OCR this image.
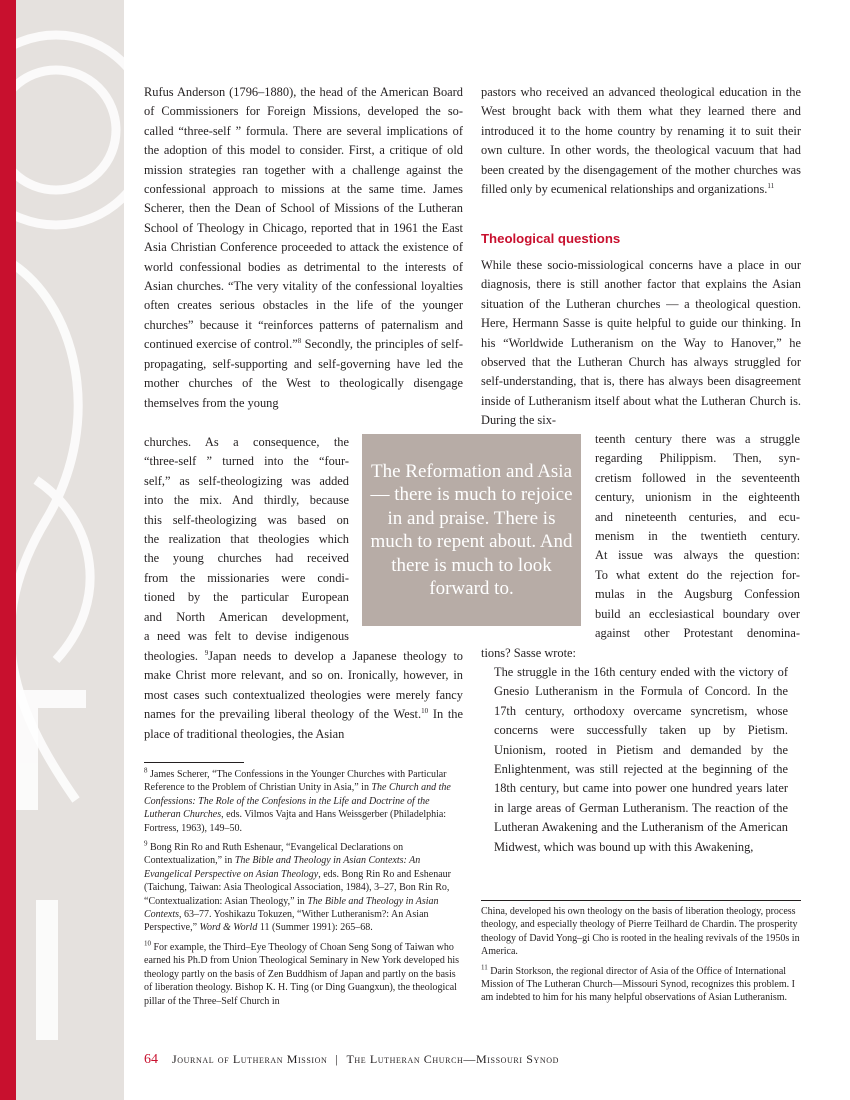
Rufus Anderson (1796–1880), the head of the American Board of Commissioners for Foreign Missions, developed the so-called “three-self ” formula. There are several implications of the adoption of this model to consider. First, a critique of old mission strategies ran together with a challenge against the confessional approach to missions at the same time. James Scherer, then the Dean of School of Missions of the Lutheran School of Theology in Chicago, reported that in 1961 the East Asia Christian Conference proceeded to attack the existence of world confessional bodies as detrimental to the interests of Asian churches. “The very vitality of the confessional loyalties often creates serious obstacles in the life of the younger churches” because it “reinforces patterns of paternalism and continued exercise of control.”$^8$ Secondly, the principles of self-propagating, self-supporting and self-governing have led the mother churches of the West to theologically disengage themselves from the young

churches. As a consequence, the
“three-self ” turned into the “four-
self,” as self-theologizing was added
into the mix. And thirdly, because
this self-theologizing was based on
the realization that theologies which
the young churches had received
from the missionaries were condi-
tioned by the particular European
and North American development,
a need was felt to devise indigenous

theologies. $^9$Japan needs to develop a Japanese theology to make Christ more relevant, and so on. Ironically, however, in most cases such contextualized theologies were merely fancy names for the prevailing liberal theology of the West.$^{10}$ In the place of traditional theologies, the Asian

The Reformation and Asia — there is much to rejoice in and praise. There is much to repent about. And there is much to look forward to.

pastors who received an advanced theological education in the West brought back with them what they learned there and introduced it to the home country by renaming it to suit their own culture. In other words, the theological vacuum that had been created by the disengagement of the mother churches was filled only by ecumenical relationships and organizations.$^{11}$

Theological questions

While these socio-missiological concerns have a place in our diagnosis, there is still another factor that explains the Asian situation of the Lutheran churches — a theological question. Here, Hermann Sasse is quite helpful to guide our thinking. In his “Worldwide Lutheranism on the Way to Hanover,” he observed that the Lutheran Church has always struggled for self-understanding, that is, there has always been disagreement inside of Lutheranism itself about what the Lutheran Church is. During the six-

teenth century there was a struggle
regarding Philippism. Then, syn-
cretism followed in the seventeenth
century, unionism in the eighteenth
and nineteenth centuries, and ecu-
menism in the twentieth century.
At issue was always the question:
To what extent do the rejection for-
mulas in the Augsburg Confession
build an ecclesiastical boundary over
against other Protestant denomina-
tions? Sasse wrote:

The struggle in the 16th century ended with the victory of Gnesio Lutheranism in the Formula of Concord. In the 17th century, orthodoxy overcame syncretism, whose concerns were successfully taken up by Pietism. Unionism, rooted in Pietism and demanded by the Enlightenment, was still rejected at the beginning of the 18th century, but came into power one hundred years later in large areas of German Lutheranism. The reaction of the Lutheran Awakening and the Lutheranism of the American Midwest, which was bound up with this Awakening,

$^8$ James Scherer, “The Confessions in the Younger Churches with Particular Reference to the Problem of Christian Unity in Asia,” in The Church and the Confessions: The Role of the Confesions in the Life and Doctrine of the Lutheran Churches, eds. Vilmos Vajta and Hans Weissgerber (Philadelphia: Fortress, 1963), 149–50.

$^9$ Bong Rin Ro and Ruth Eshenaur, “Evangelical Declarations on Contextualization,” in The Bible and Theology in Asian Contexts: An Evangelical Perspective on Asian Theology, eds. Bong Rin Ro and Eshenaur (Taichung, Taiwan: Asia Theological Association, 1984), 3–27, Bon Rin Ro, “Contextualization: Asian Theology,” in The Bible and Theology in Asian Contexts, 63–77. Yoshikazu Tokuzen, “Wither Lutheranism?: An Asian Perspective,” Word & World 11 (Summer 1991): 265–68.

$^{10}$ For example, the Third–Eye Theology of Choan Seng Song of Taiwan who earned his Ph.D from Union Theological Seminary in New York developed his theology partly on the basis of Zen Buddhism of Japan and partly on the basis of liberation theology. Bishop K. H. Ting (or Ding Guangxun), the theological pillar of the Three–Self Church in

China, developed his own theology on the basis of liberation theology, process theology, and especially theology of Pierre Teilhard de Chardin. The prosperity theology of David Yong–gi Cho is rooted in the healing revivals of the 1950s in America.

$^{11}$ Darin Storkson, the regional director of Asia of the Office of International Mission of The Lutheran Church—Missouri Synod, recognizes this problem. I am indebted to him for his many helpful observations of Asian Lutheranism.

64 Journal of Lutheran Mission | The Lutheran Church—Missouri Synod
